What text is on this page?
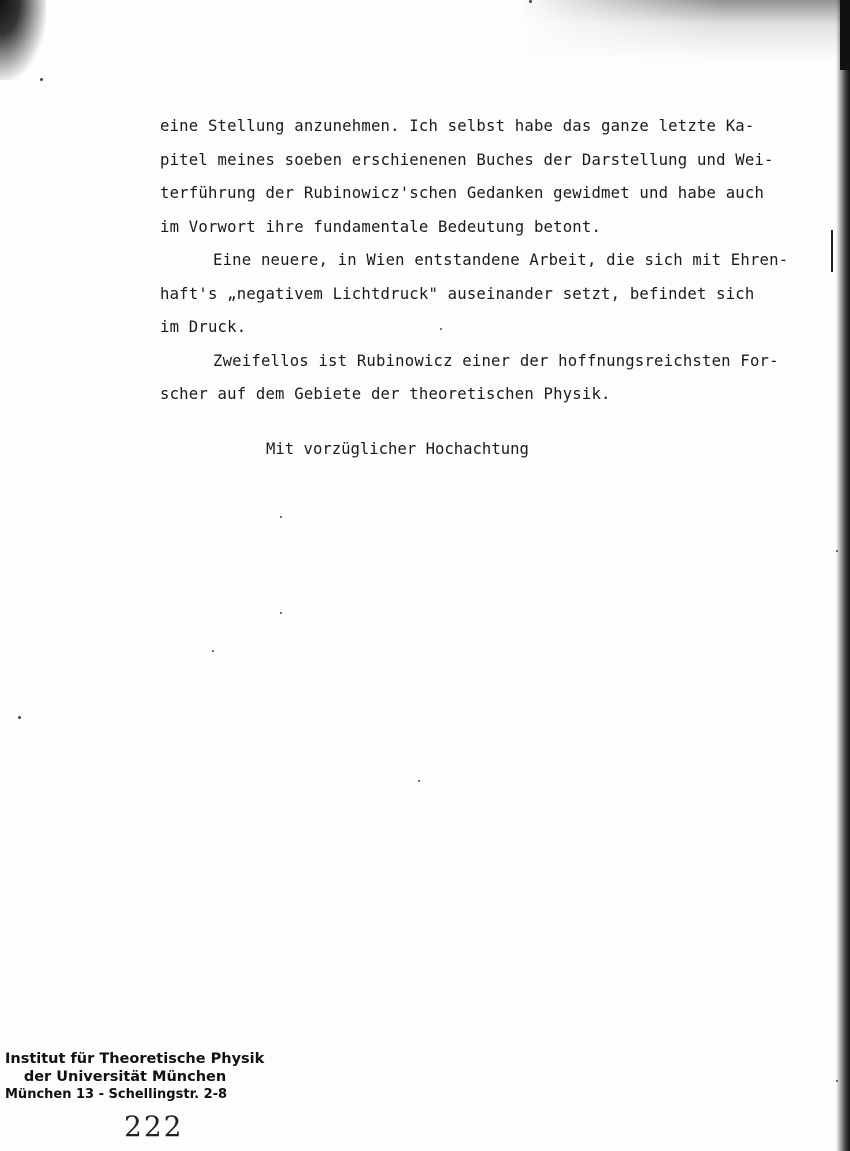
eine Stellung anzunehmen. Ich selbst habe das ganze letzte Ka-
pitel meines soeben erschienenen Buches der Darstellung und Wei-
terführung der Rubinowicz'schen Gedanken gewidmet und habe auch
im Vorwort ihre fundamentale Bedeutung betont.
Eine neuere, in Wien entstandene Arbeit, die sich mit Ehren-
haft's „negativem Lichtdruck" auseinander setzt, befindet sich
im Druck.
Zweifellos ist Rubinowicz einer der hoffnungsreichsten For-
scher auf dem Gebiete der theoretischen Physik.
Mit vorzüglicher Hochachtung
Institut für Theoretische Physik
der Universität München
München 13 - Schellingstr. 2-8
222
